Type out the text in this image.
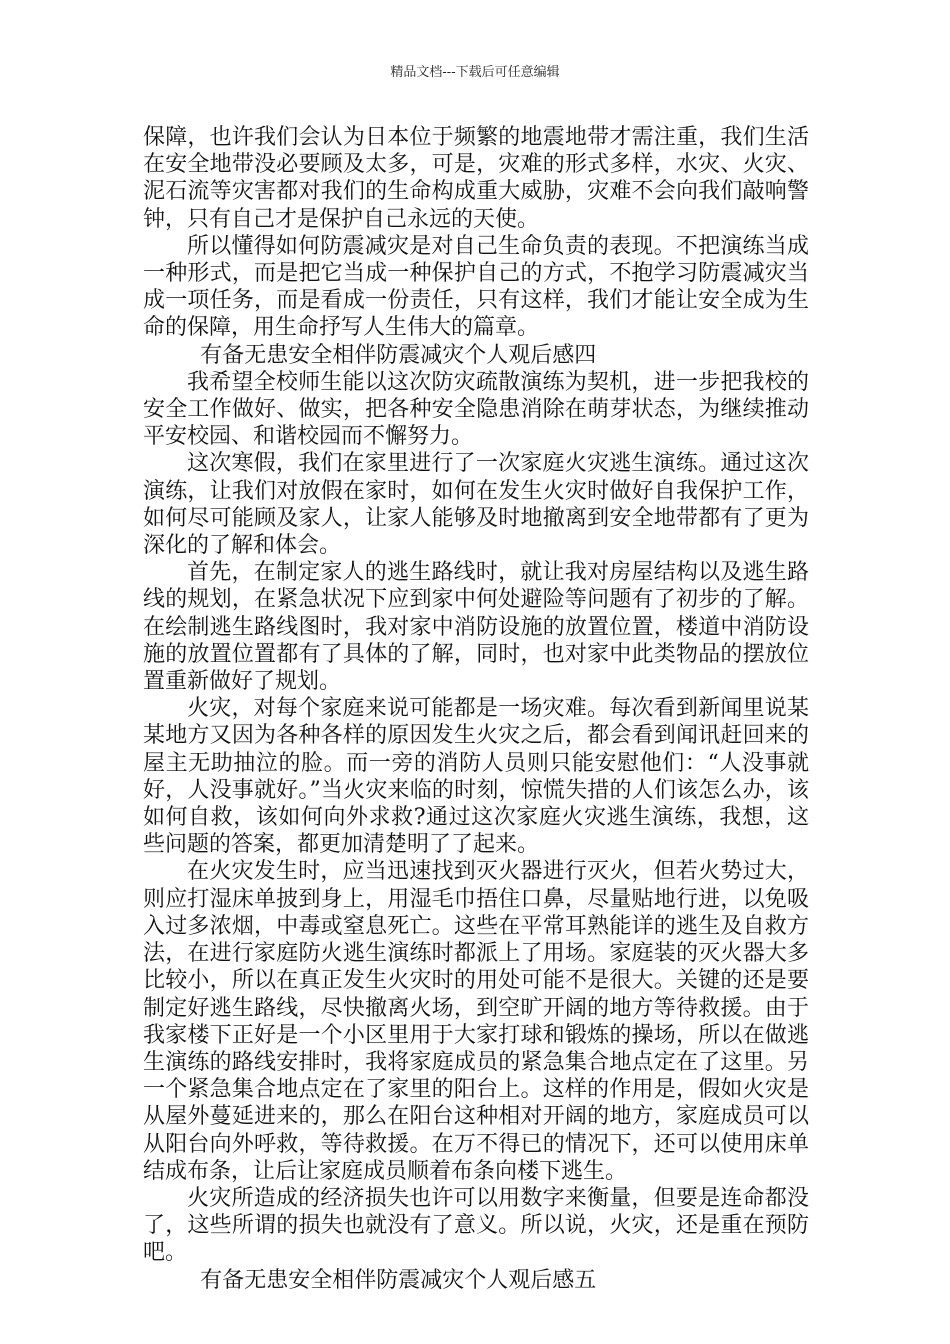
精品文档---下载后可任意编辑

保障，也许我们会认为日本位于频繁的地震地带才需注重，我们生活在安全地带没必要顾及太多，可是，灾难的形式多样，水灾、火灾、泥石流等灾害都对我们的生命构成重大威胁，灾难不会向我们敲响警钟，只有自己才是保护自己永远的天使。

所以懂得如何防震减灾是对自己生命负责的表现。不把演练当成一种形式，而是把它当成一种保护自己的方式，不抱学习防震减灾当成一项任务，而是看成一份责任，只有这样，我们才能让安全成为生命的保障，用生命抒写人生伟大的篇章。

有备无患安全相伴防震减灾个人观后感四

我希望全校师生能以这次防灾疏散演练为契机，进一步把我校的安全工作做好、做实，把各种安全隐患消除在萌芽状态，为继续推动平安校园、和谐校园而不懈努力。

这次寒假，我们在家里进行了一次家庭火灾逃生演练。通过这次演练，让我们对放假在家时，如何在发生火灾时做好自我保护工作，如何尽可能顾及家人，让家人能够及时地撤离到安全地带都有了更为深化的了解和体会。

首先，在制定家人的逃生路线时，就让我对房屋结构以及逃生路线的规划，在紧急状况下应到家中何处避险等问题有了初步的了解。在绘制逃生路线图时，我对家中消防设施的放置位置，楼道中消防设施的放置位置都有了具体的了解，同时，也对家中此类物品的摆放位置重新做好了规划。

火灾，对每个家庭来说可能都是一场灾难。每次看到新闻里说某某地方又因为各种各样的原因发生火灾之后，都会看到闻讯赶回来的屋主无助抽泣的脸。而一旁的消防人员则只能安慰他们：“人没事就好，人没事就好。”当火灾来临的时刻，惊慌失措的人们该怎么办，该如何自救，该如何向外求救?通过这次家庭火灾逃生演练，我想，这些问题的答案，都更加清楚明了了起来。

在火灾发生时，应当迅速找到灭火器进行灭火，但若火势过大，则应打湿床单披到身上，用湿毛巾捂住口鼻，尽量贴地行进，以免吸入过多浓烟，中毒或窒息死亡。这些在平常耳熟能详的逃生及自救方法，在进行家庭防火逃生演练时都派上了用场。家庭装的灭火器大多比较小，所以在真正发生火灾时的用处可能不是很大。关键的还是要制定好逃生路线，尽快撤离火场，到空旷开阔的地方等待救援。由于我家楼下正好是一个小区里用于大家打球和锻炼的操场，所以在做逃生演练的路线安排时，我将家庭成员的紧急集合地点定在了这里。另一个紧急集合地点定在了家里的阳台上。这样的作用是，假如火灾是从屋外蔓延进来的，那么在阳台这种相对开阔的地方，家庭成员可以从阳台向外呼救，等待救援。在万不得已的情况下，还可以使用床单结成布条，让后让家庭成员顺着布条向楼下逃生。

火灾所造成的经济损失也许可以用数字来衡量，但要是连命都没了，这些所谓的损失也就没有了意义。所以说，火灾，还是重在预防吧。

有备无患安全相伴防震减灾个人观后感五
